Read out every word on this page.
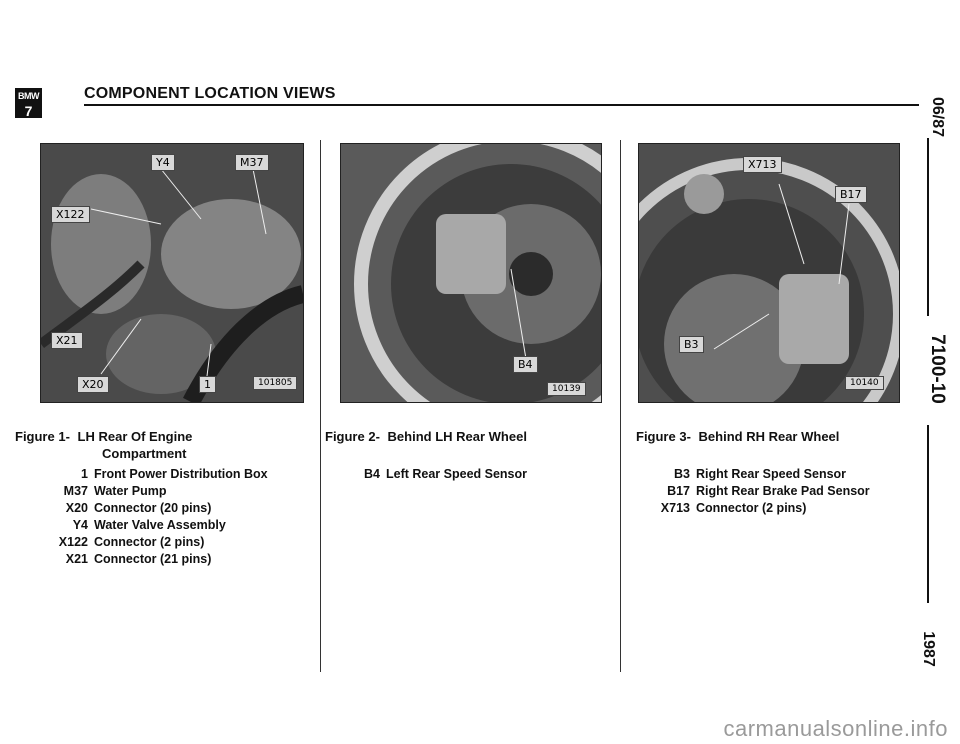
BMW
7
COMPONENT LOCATION VIEWS
06/87
7100-10
1987
Y4	M37
X122
X21
X20	1	101805
B4
10139
X713
B17
B3
10140
Figure 1- LH Rear Of Engine
Compartment
1	Front Power Distribution Box
M37	Water Pump
X20	Connector (20 pins)
Y4	Water Valve Assembly
X122	Connector (2 pins)
X21	Connector (21 pins)
Figure 2- Behind LH Rear Wheel
B4	Left Rear Speed Sensor
Figure 3- Behind RH Rear Wheel
B3	Right Rear Speed Sensor
B17	Right Rear Brake Pad Sensor
X713	Connector (2 pins)
carmanualsonline.info
